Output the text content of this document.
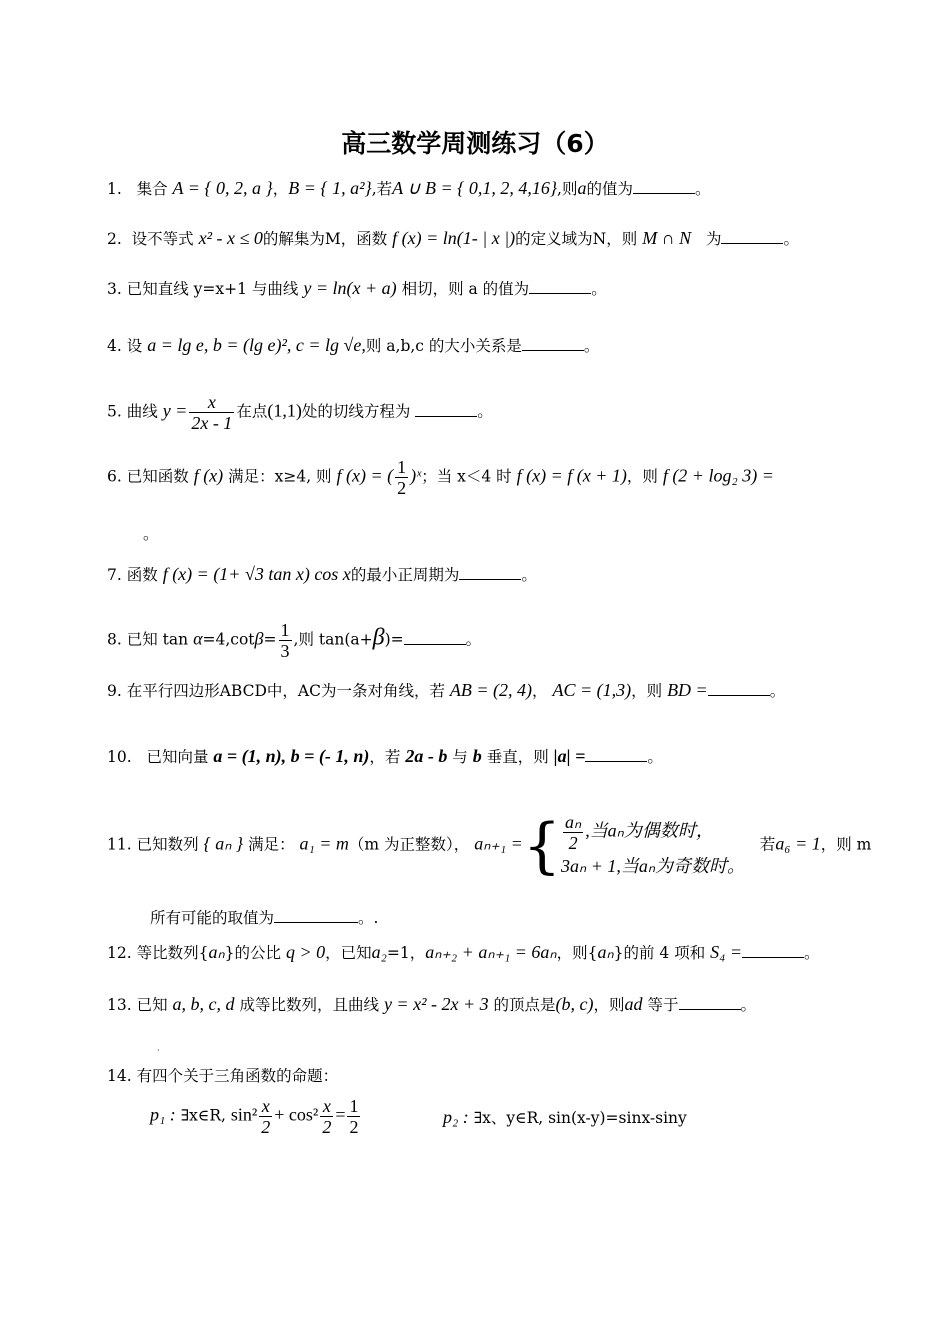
高三数学周测练习（6）
1. 集合 A = { 0, 2, a }，B = { 1, a²},若A ∪ B = { 0,1, 2, 4,16},则a的值为	。
2. 设不等式 x² - x ≤ 0的解集为M，函数 f (x) = ln(1- | x |)的定义域为N，则 M ∩ N 为	。
3. 已知直线 y=x+1 与曲线 y = ln(x + a) 相切，则 a 的值为	。
4. 设 a = lg e, b = (lg e)², c = lg √e,则 a,b,c 的大小关系是	。
5. 曲线 $y = \frac{x}{2x - 1}$ 在点(1,1)处的切线方程为	。
6. 已知函数 f (x) 满足：x≥4, 则 f (x) = ( $\frac{1}{2}$ )ˣ；当 x＜4 时 f (x) = f (x + 1)，则 f (2 + log₂ 3) =
。
7. 函数 f (x) = (1+ √3 tan x) cos x的最小正周期为	。
8. 已知 $\tan \alpha=4,\cot\beta= \frac{1}{3}$ ,则 tan(a+β)=	。
9. 在平行四边形ABCD中，AC为一条对角线，若 AB = (2, 4)， AC = (1,3)，则 BD =	。
10. 已知向量 a = (1, n), b = (- 1, n)，若 2a - b 与 b 垂直，则 |a| =	。
11. 已知数列 { aₙ } 满足： a₁ = m（m 为正整数）， aₙ₊₁ ={ $\frac{\text{aₙ}}{2}$ ,当aₙ为偶数时，
3aₙ + 1,当aₙ为奇数时。
若a₆ = 1，则 m
所有可能的取值为	。.
12. 等比数列{aₙ}的公比 q > 0，已知a₂=1，aₙ₊₂ + aₙ₊₁ = 6aₙ，则{aₙ}的前 4 项和 S₄ =	。
13. 已知 a, b, c, d 成等比数列，且曲线 y = x² - 2x + 3 的顶点是(b, c)，则ad 等于	。
·
14. 有四个关于三角函数的命题：
p₁ : ∃x∈R, $\sin^2 \frac{x}{2} + \cos^2 \frac{x}{2} = \frac{1}{2}$	p₂ : ∃x、y∈R, sin(x-y)=sinx-siny
